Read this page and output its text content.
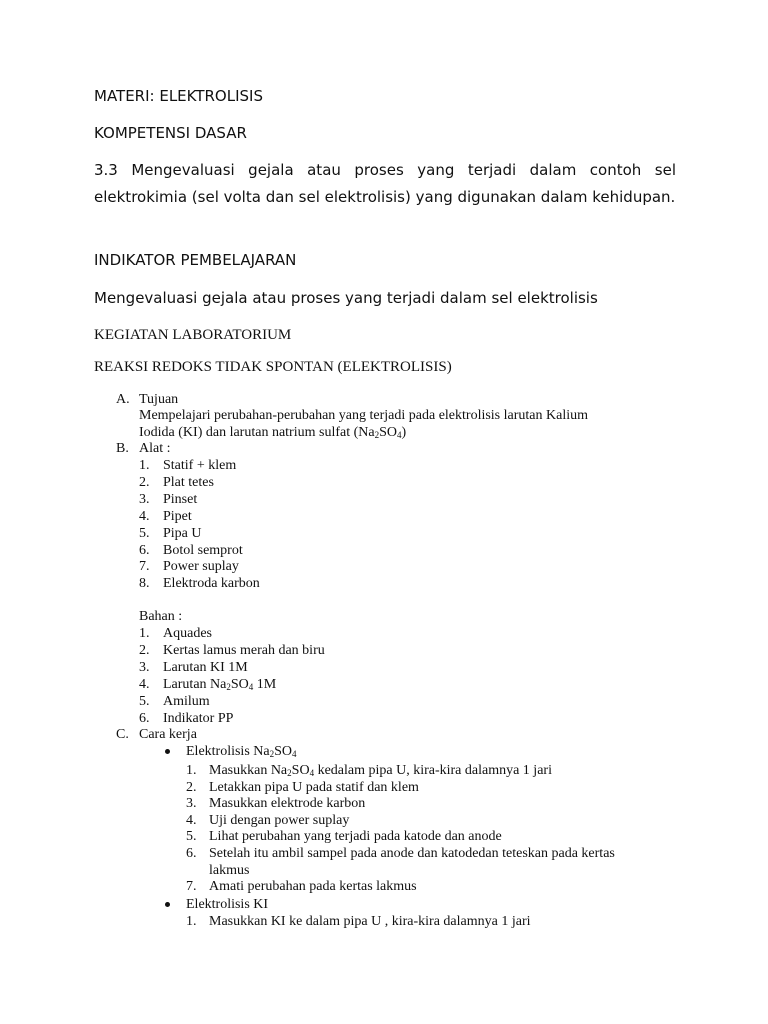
MATERI: ELEKTROLISIS
KOMPETENSI DASAR
3.3 Mengevaluasi gejala atau proses yang terjadi dalam contoh sel elektrokimia (sel volta dan sel elektrolisis) yang digunakan dalam kehidupan.
INDIKATOR PEMBELAJARAN
Mengevaluasi gejala atau proses yang terjadi dalam sel elektrolisis
KEGIATAN LABORATORIUM
REAKSI REDOKS TIDAK SPONTAN (ELEKTROLISIS)
A. Tujuan
Mempelajari perubahan-perubahan yang terjadi pada elektrolisis larutan Kalium
Iodida (KI) dan larutan natrium sulfat $(Na_2SO_4)$
B. Alat :
1. Statif + klem
2. Plat tetes
3. Pinset
4. Pipet
5. Pipa U
6. Botol semprot
7. Power suplay
8. Elektroda karbon
Bahan :
1. Aquades
2. Kertas lamus merah dan biru
3. Larutan KI 1M
4. Larutan $Na_2SO_4$ 1M
5. Amilum
6. Indikator PP
C. Cara kerja
Elektrolisis $Na_2SO_4$
1. Masukkan $Na_2SO_4$ kedalam pipa U, kira-kira dalamnya 1 jari
2. Letakkan pipa U pada statif dan klem
3. Masukkan elektrode karbon
4. Uji dengan power suplay
5. Lihat perubahan yang terjadi pada katode dan anode
6. Setelah itu ambil sampel pada anode dan katodedan teteskan pada kertas
lakmus
7. Amati perubahan pada kertas lakmus
Elektrolisis KI
1. Masukkan KI ke dalam pipa U , kira-kira dalamnya 1 jari
